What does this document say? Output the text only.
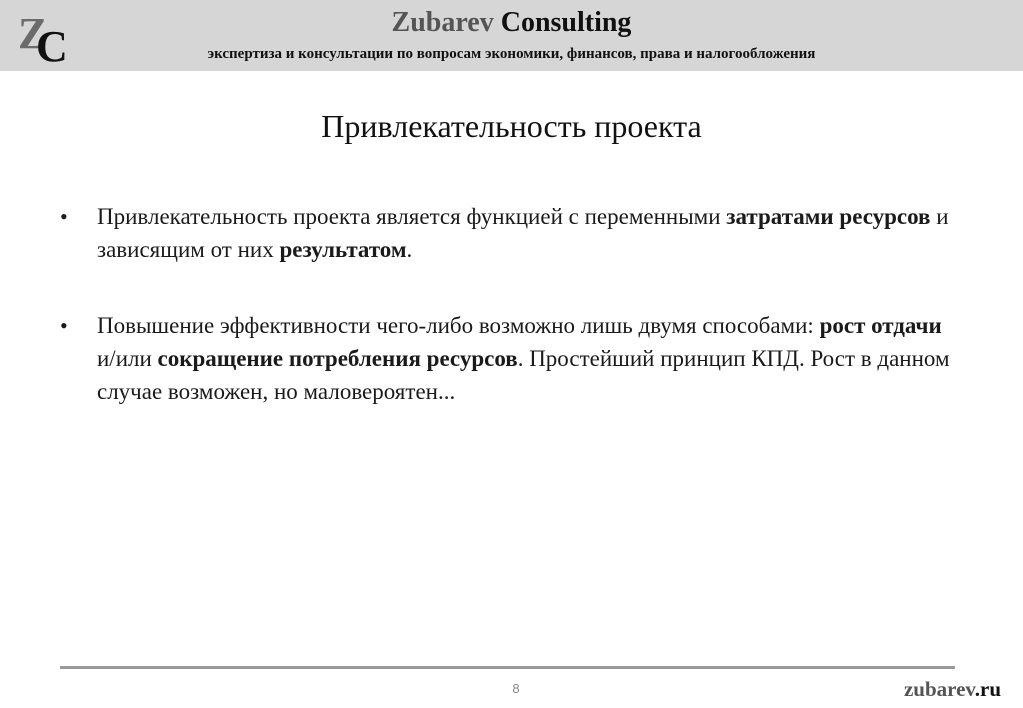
Z
C	Zubarev Consulting
экспертиза и консультации по вопросам экономики, финансов, права и налогообложения
Привлекательность проекта
• Привлекательность проекта является функцией с переменными затратами ресурсов и зависящим от них результатом.
• Повышение эффективности чего-либо возможно лишь двумя способами: рост отдачи и/или сокращение потребления ресурсов. Простейший принцип КПД. Рост в данном случае возможен, но маловероятен...
8	zubarev.ru
